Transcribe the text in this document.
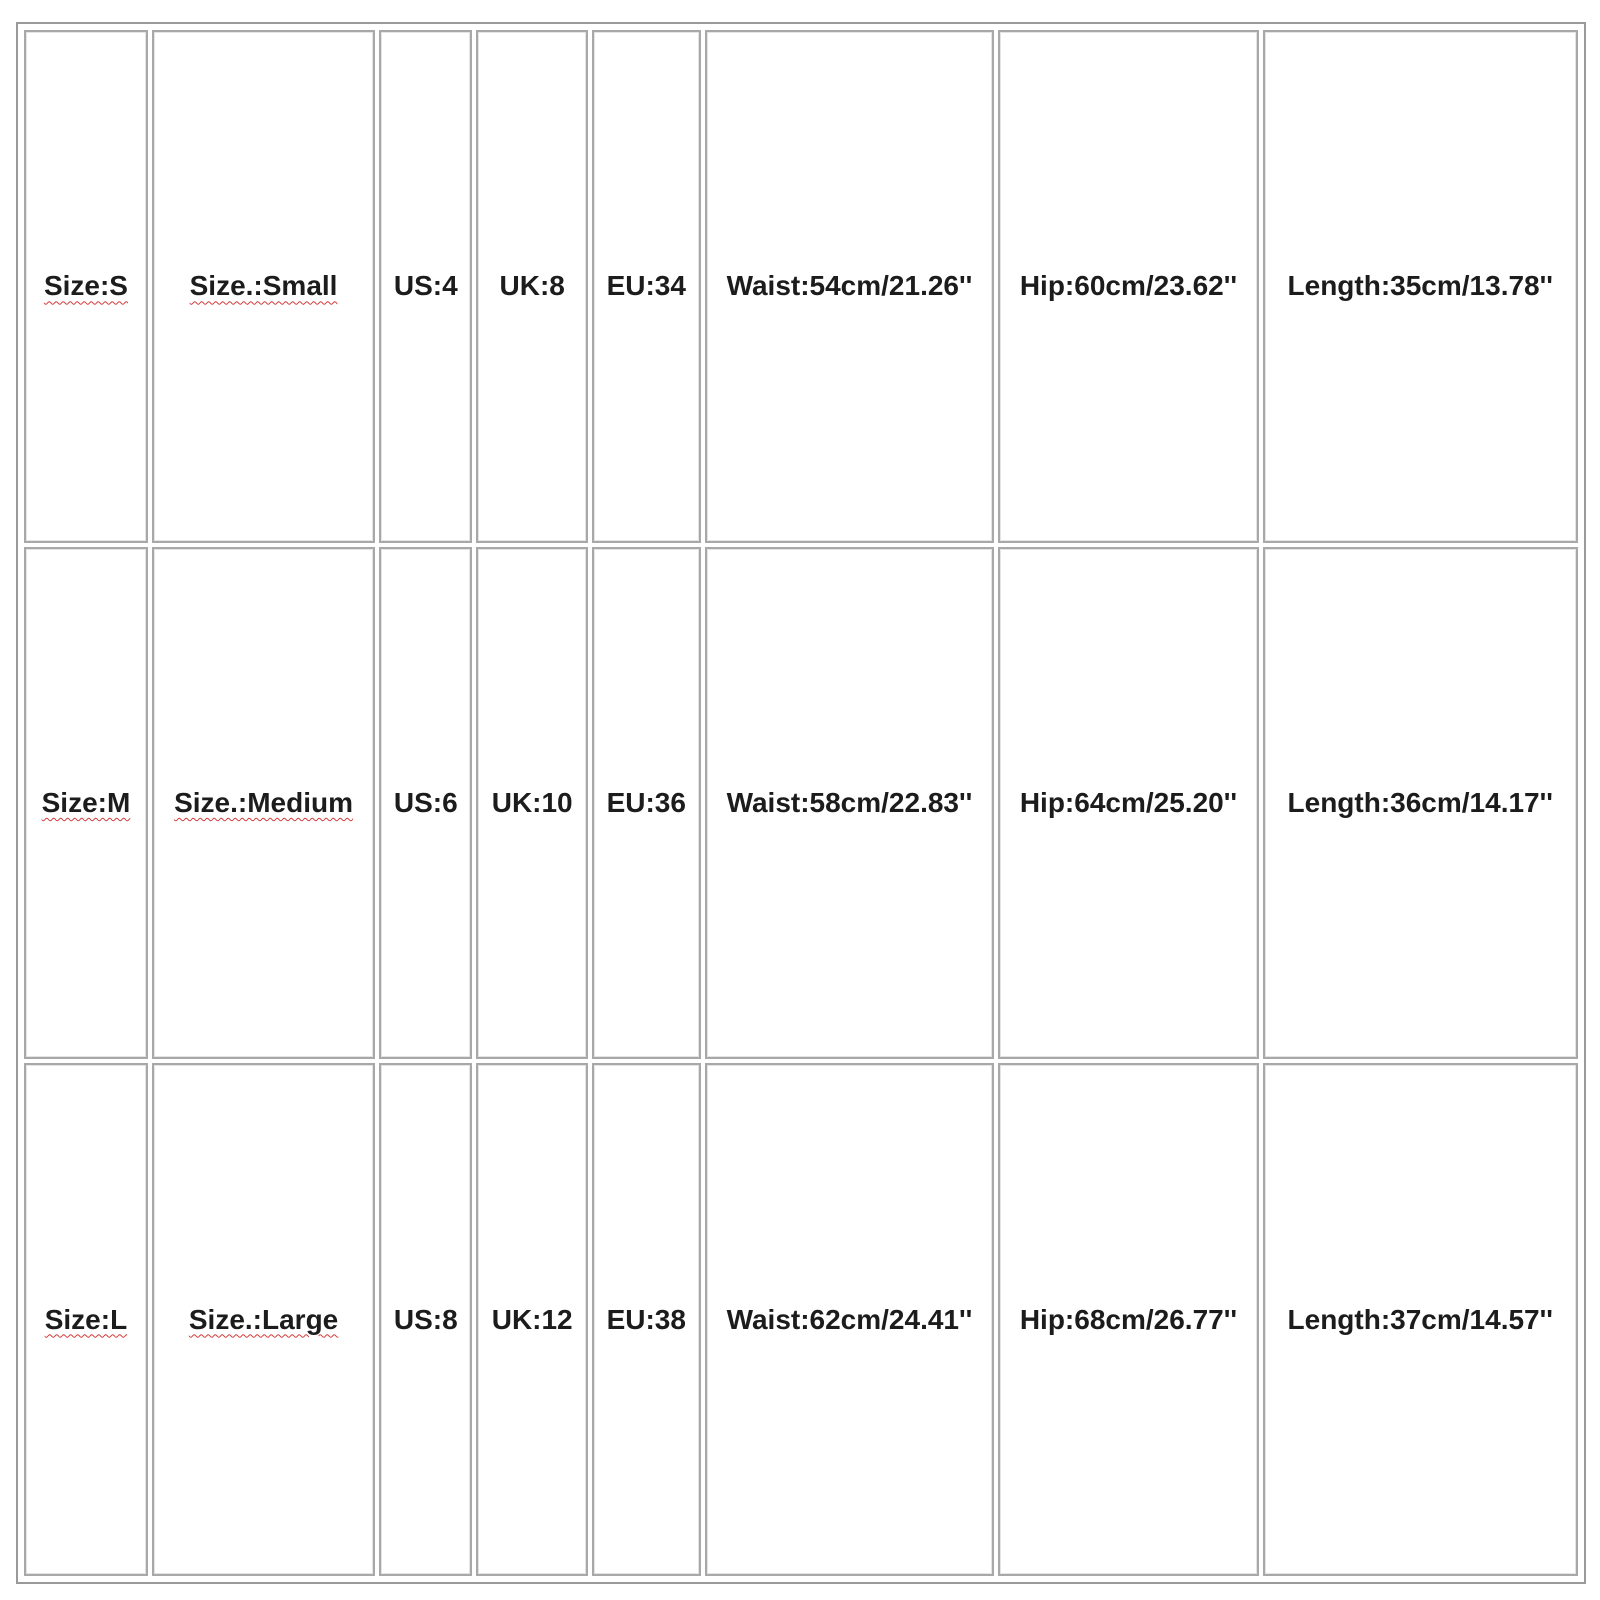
Size:S	Size.:Small	US:4	UK:8	EU:34	Waist:54cm/21.26''	Hip:60cm/23.62''	Length:35cm/13.78''
Size:M	Size.:Medium	US:6	UK:10	EU:36	Waist:58cm/22.83''	Hip:64cm/25.20''	Length:36cm/14.17''
Size:L	Size.:Large	US:8	UK:12	EU:38	Waist:62cm/24.41''	Hip:68cm/26.77''	Length:37cm/14.57''
